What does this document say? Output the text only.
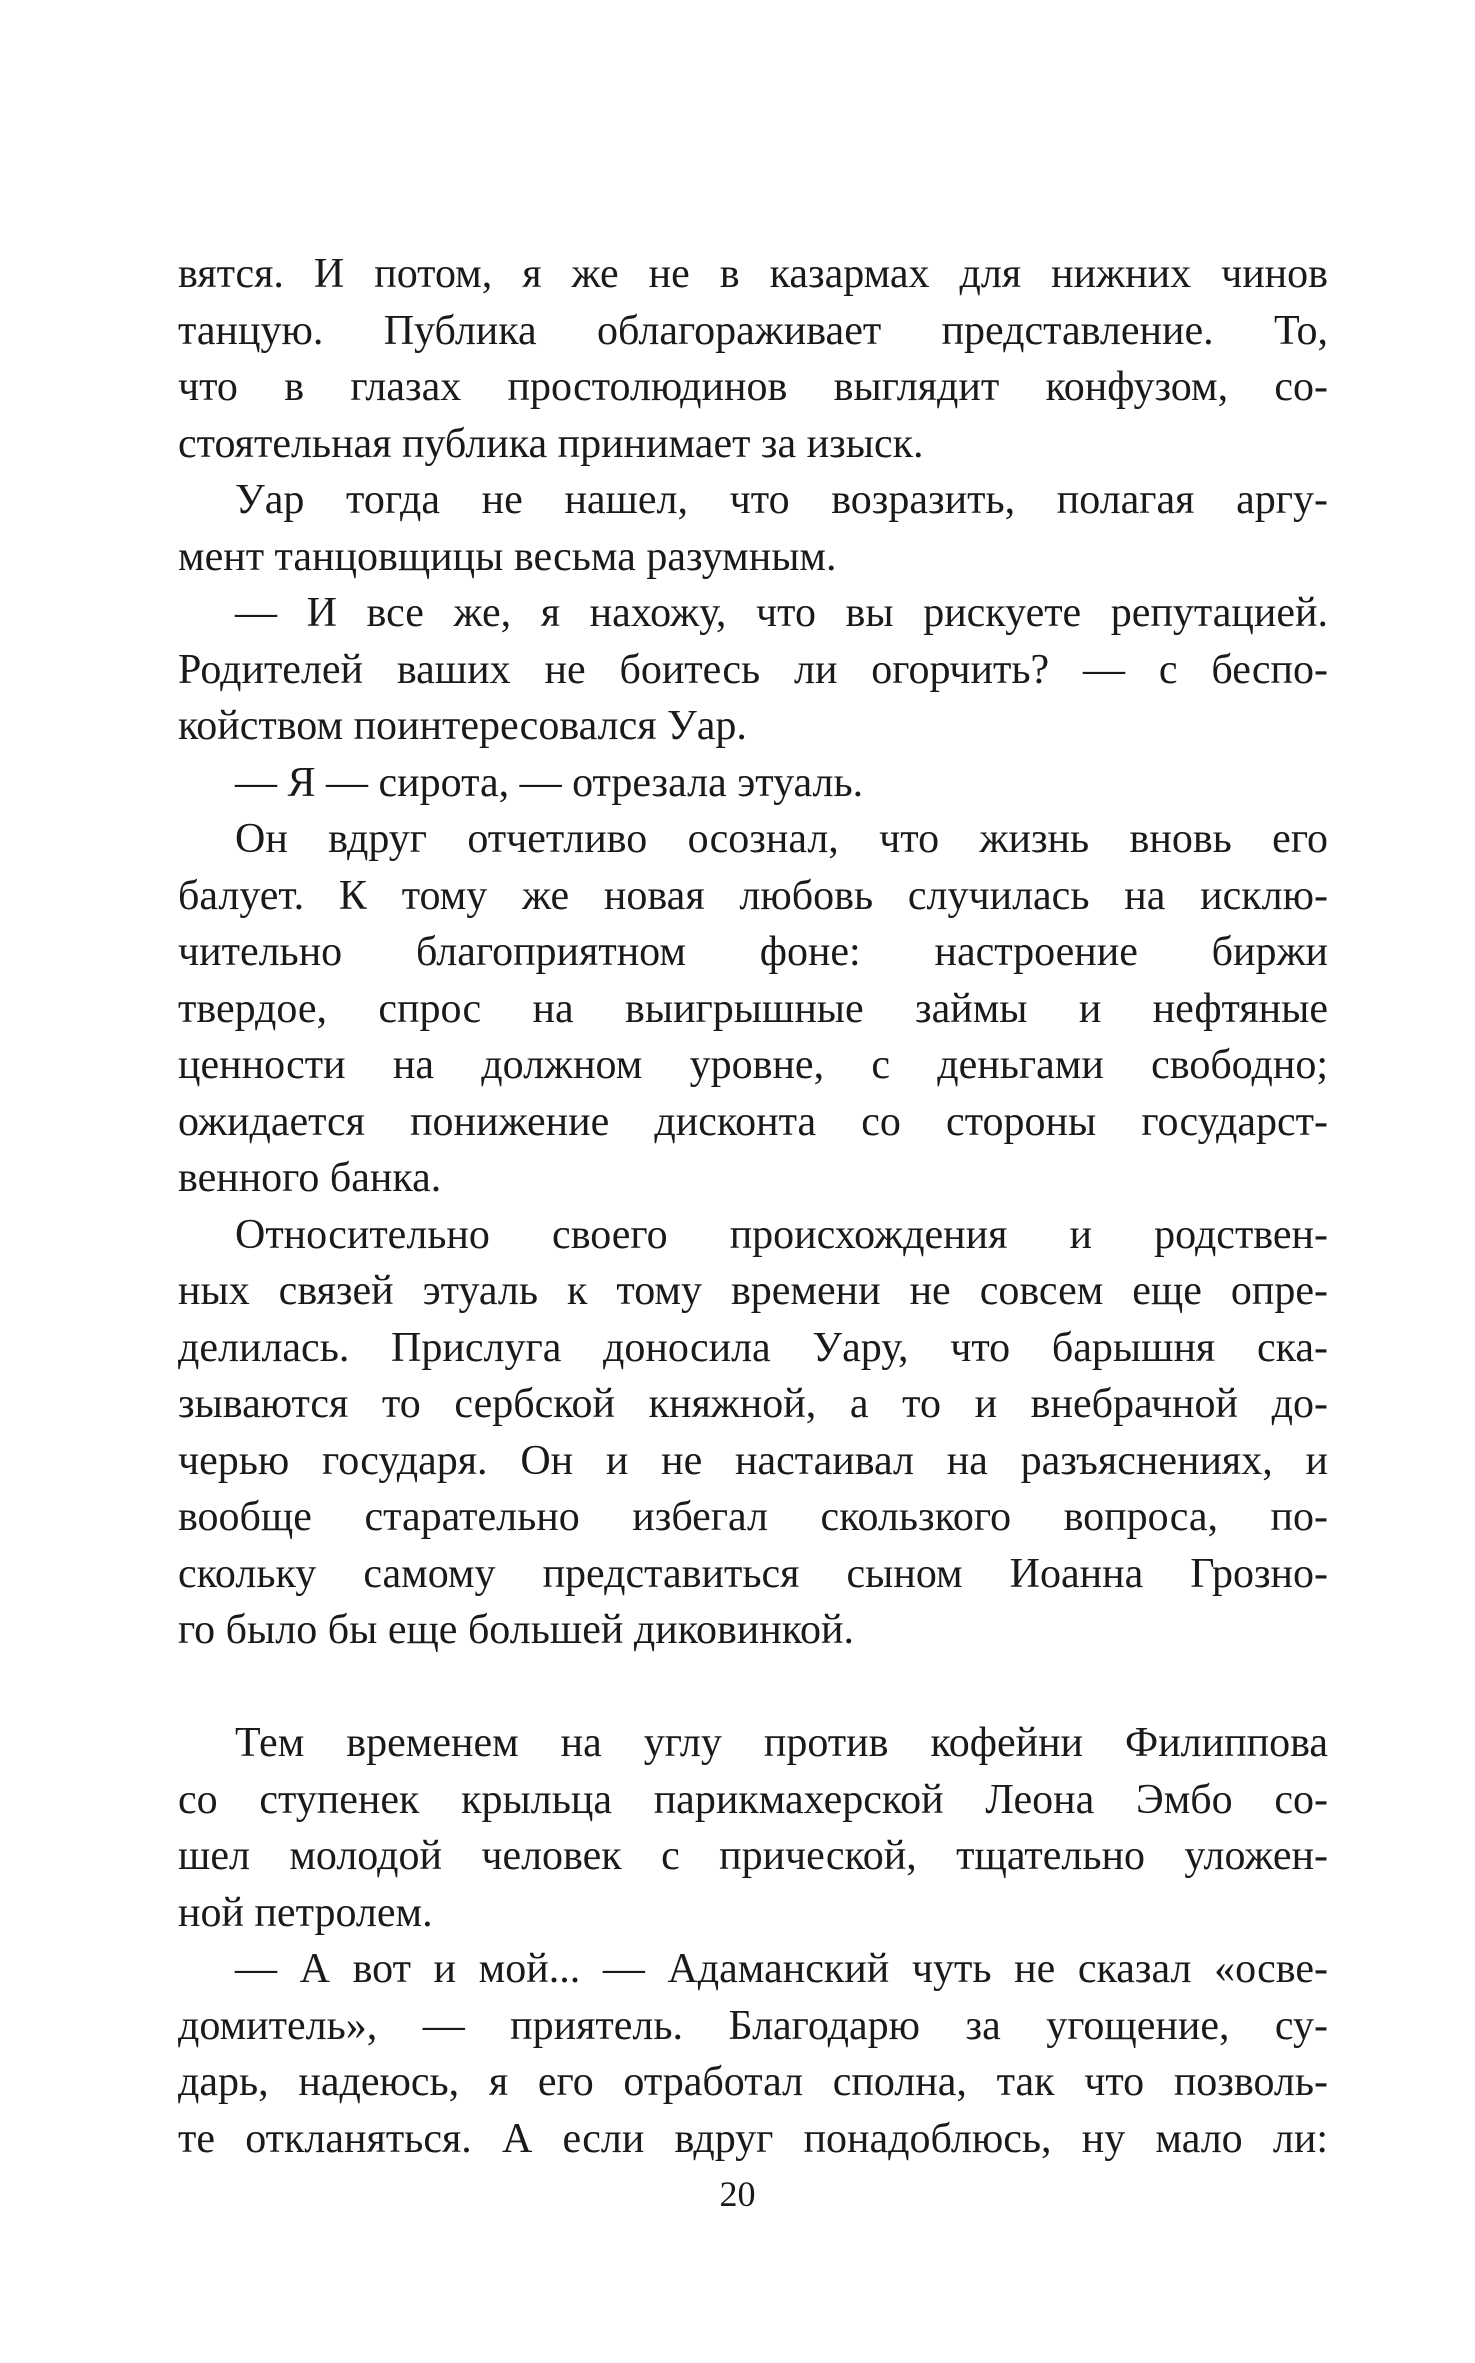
вятся. И потом, я же не в казармах для нижних чинов
танцую. Публика облагораживает представление. То,
что в глазах простолюдинов выглядит конфузом, со-
стоятельная публика принимает за изыск.
Уар тогда не нашел, что возразить, полагая аргу-
мент танцовщицы весьма разумным.
— И все же, я нахожу, что вы рискуете репутацией.
Родителей ваших не боитесь ли огорчить? — с беспо-
койством поинтересовался Уар.
— Я — сирота, — отрезала этуаль.
Он вдруг отчетливо осознал, что жизнь вновь его
балует. К тому же новая любовь случилась на исклю-
чительно благоприятном фоне: настроение биржи
твердое, спрос на выигрышные займы и нефтяные
ценности на должном уровне, с деньгами свободно;
ожидается понижение дисконта со стороны государст-
венного банка.
Относительно своего происхождения и родствен-
ных связей этуаль к тому времени не совсем еще опре-
делилась. Прислуга доносила Уару, что барышня ска-
зываются то сербской княжной, а то и внебрачной до-
черью государя. Он и не настаивал на разъяснениях, и
вообще старательно избегал скользкого вопроса, по-
скольку самому представиться сыном Иоанна Грозно-
го было бы еще большей диковинкой.
Тем временем на углу против кофейни Филиппова
со ступенек крыльца парикмахерской Леона Эмбо со-
шел молодой человек с прической, тщательно уложен-
ной петролем.
— А вот и мой... — Адаманский чуть не сказал «осве-
домитель», — приятель. Благодарю за угощение, су-
дарь, надеюсь, я его отработал сполна, так что позволь-
те откланяться. А если вдруг понадоблюсь, ну мало ли:
20
